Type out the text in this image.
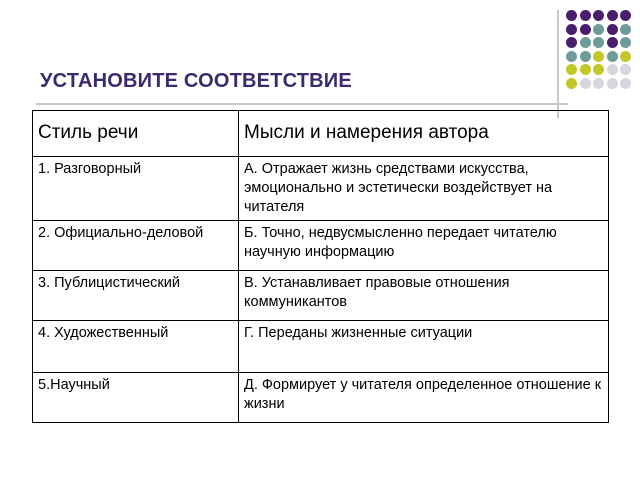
УСТАНОВИТЕ СООТВЕТСТВИЕ
Стиль речи	Мысли и намерения автора
1. Разговорный	А. Отражает жизнь средствами искусства, эмоционально и эстетически воздействует на читателя
2. Официально-деловой	Б. Точно, недвусмысленно передает читателю научную информацию
3. Публицистический	В. Устанавливает правовые отношения коммуникантов
4. Художественный	Г. Переданы жизненные ситуации
5.Научный	Д. Формирует у читателя определенное отношение к жизни
